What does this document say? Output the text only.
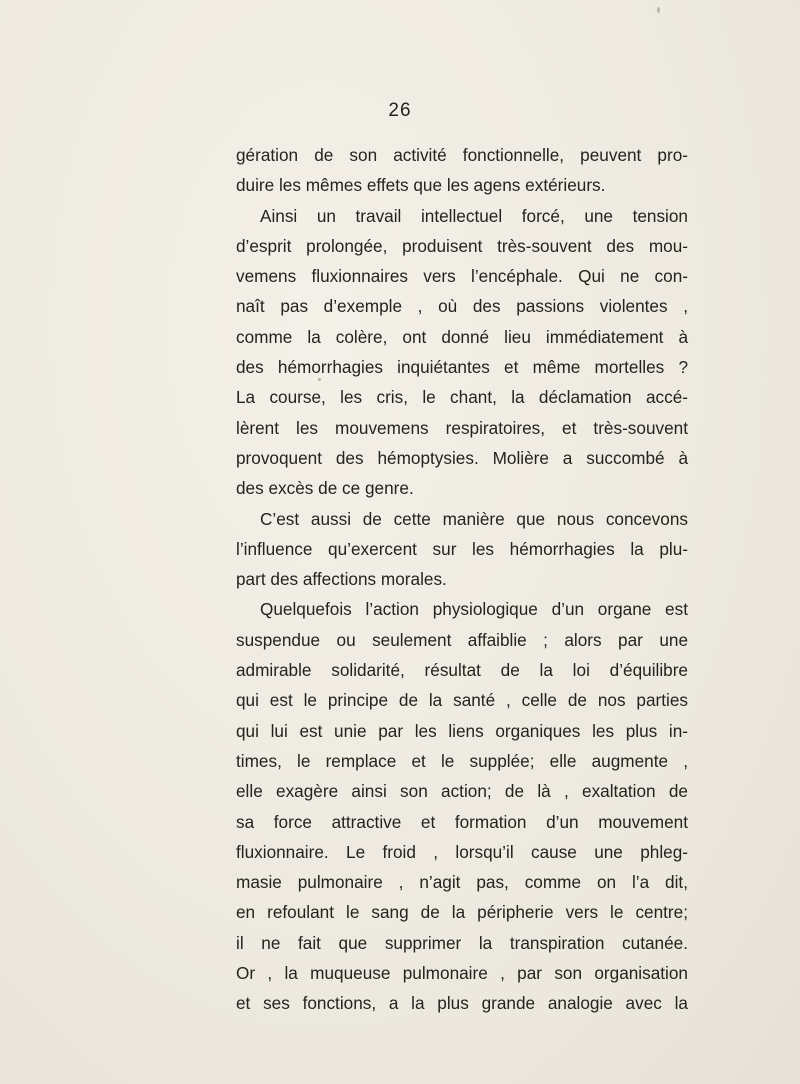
26
gération de son activité fonctionnelle, peuvent pro-
duire les mêmes effets que les agens extérieurs.
Ainsi un travail intellectuel forcé, une tension
d’esprit prolongée, produisent très-souvent des mou-
vemens fluxionnaires vers l’encéphale. Qui ne con-
naît pas d’exemple , où des passions violentes ,
comme la colère, ont donné lieu immédiatement à
des hémorrhagies inquiétantes et même mortelles ?
La course, les cris, le chant, la déclamation accé-
lèrent les mouvemens respiratoires, et très-souvent
provoquent des hémoptysies. Molière a succombé à
des excès de ce genre.
C’est aussi de cette manière que nous concevons
l’influence qu’exercent sur les hémorrhagies la plu-
part des affections morales.
Quelquefois l’action physiologique d’un organe est
suspendue ou seulement affaiblie ; alors par une
admirable solidarité, résultat de la loi d’équilibre
qui est le principe de la santé , celle de nos parties
qui lui est unie par les liens organiques les plus in-
times, le remplace et le supplée; elle augmente ,
elle exagère ainsi son action; de là , exaltation de
sa force attractive et formation d’un mouvement
fluxionnaire. Le froid , lorsqu’il cause une phleg-
masie pulmonaire , n’agit pas, comme on l’a dit,
en refoulant le sang de la péripherie vers le centre;
il ne fait que supprimer la transpiration cutanée.
Or , la muqueuse pulmonaire , par son organisation
et ses fonctions, a la plus grande analogie avec la
